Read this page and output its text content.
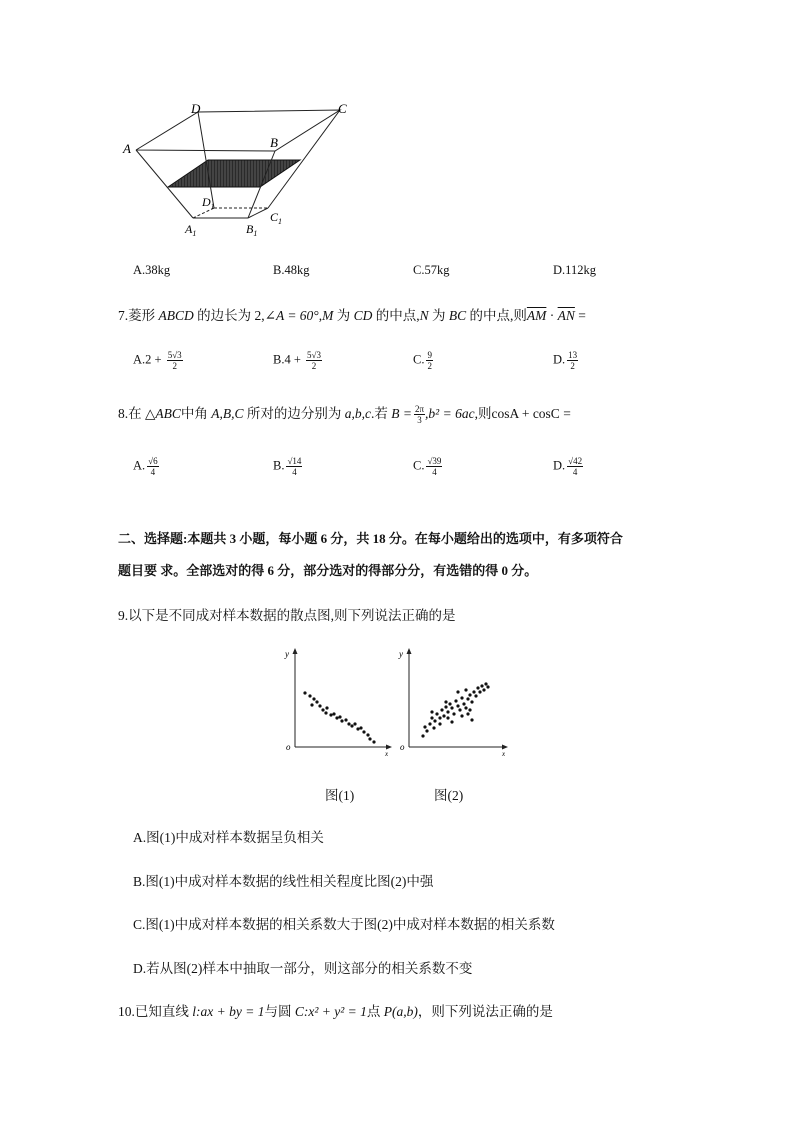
D	C
A	B
$D_1$
$C_1$
$A_1$	$B_1$
A.38kg	B.48kg	C.57kg	D.112kg
7.菱形 ABCD 的边长为 2,∠A = 60°,M 为 CD 的中点,N 为 BC 的中点,则$\overline{AM} \cdot \overline{AN}$ =
$A.2 + \frac{5√3}{2}$	$B.4 + \frac{5√3}{2}$	C. $\frac{9}{2}$	D. $\frac{13}{2}$
8.在 △ABC中角 A,B,C 所对的边分别为 a,b,c.若 $B = \frac{2\pi}{3} ,b^2 = 6ac$,则cosA + cosC =
A. $\frac{√6}{4}$	B. $\frac{√14}{4}$	C. $\frac{√39}{4}$	D. $\frac{√42}{4}$
二、选择题:本题共 3 小题，每小题 6 分，共 18 分。在每小题给出的选项中，有多项符合
题目要 求。全部选对的得 6 分，部分选对的得部分分，有选错的得 0 分。
9.以下是不同成对样本数据的散点图,则下列说法正确的是
y
x
o
y
x
o
图(1)	图(2)
A.图(1)中成对样本数据呈负相关
B.图(1)中成对样本数据的线性相关程度比图(2)中强
C.图(1)中成对样本数据的相关系数大于图(2)中成对样本数据的相关系数
D.若从图(2)样本中抽取一部分，则这部分的相关系数不变
10.已知直线 l:ax + by = 1与圆 C:x² + y² = 1点 P(a,b)，则下列说法正确的是
